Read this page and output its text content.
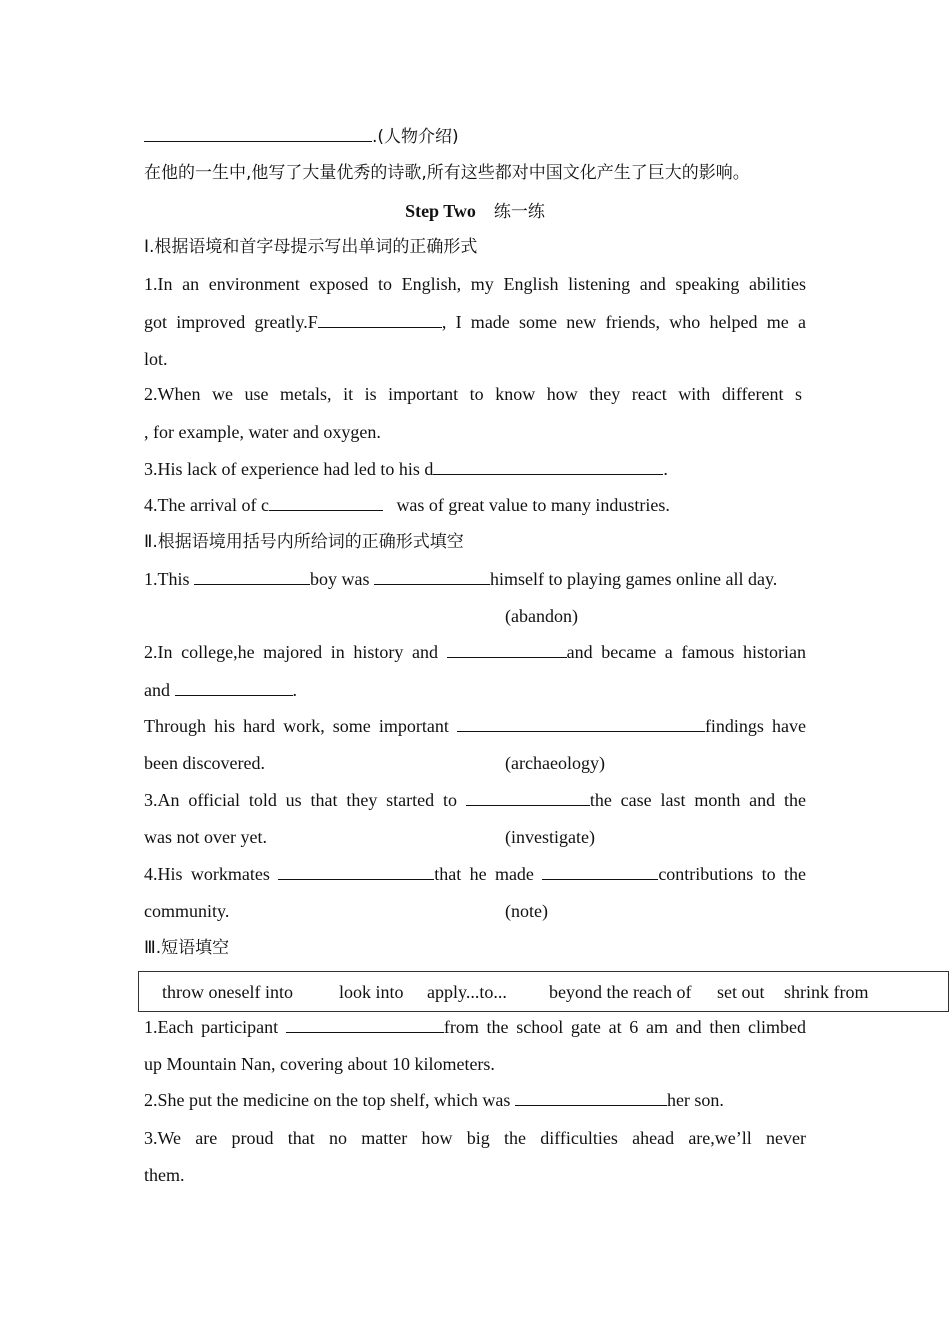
.(人物介绍)
在他的一生中,他写了大量优秀的诗歌,所有这些都对中国文化产生了巨大的影响。
Step Two 练一练
Ⅰ.根据语境和首字母提示写出单词的正确形式
1.In an environment exposed to English, my English listening and speaking abilities
got improved greatly.F	, I made some new friends, who helped me a
lot.
2.When we use metals, it is important to know how they react with different s
, for example, water and oxygen.
3.His lack of experience had led to his d	.
4.The arrival of c	was of great value to many industries.
Ⅱ.根据语境用括号内所给词的正确形式填空
1.This	boy was	himself to playing games online all day.
(abandon)
2.In college,he majored in history and	and became a famous historian
and	.
Through his hard work, some important	findings have
been discovered.	(archaeology)
3.An official told us that they started to	the case last month and the
was not over yet.	(investigate)
4.His workmates	that he made	contributions to the
community.	(note)
Ⅲ.短语填空
throw oneself into	look into apply...to... beyond the reach of set out shrink from
1.Each participant	from the school gate at 6 am and then climbed
up Mountain Nan, covering about 10 kilometers.
2.She put the medicine on the top shelf, which was	her son.
3.We are proud that no matter how big the difficulties ahead are,we’ll never
them.
